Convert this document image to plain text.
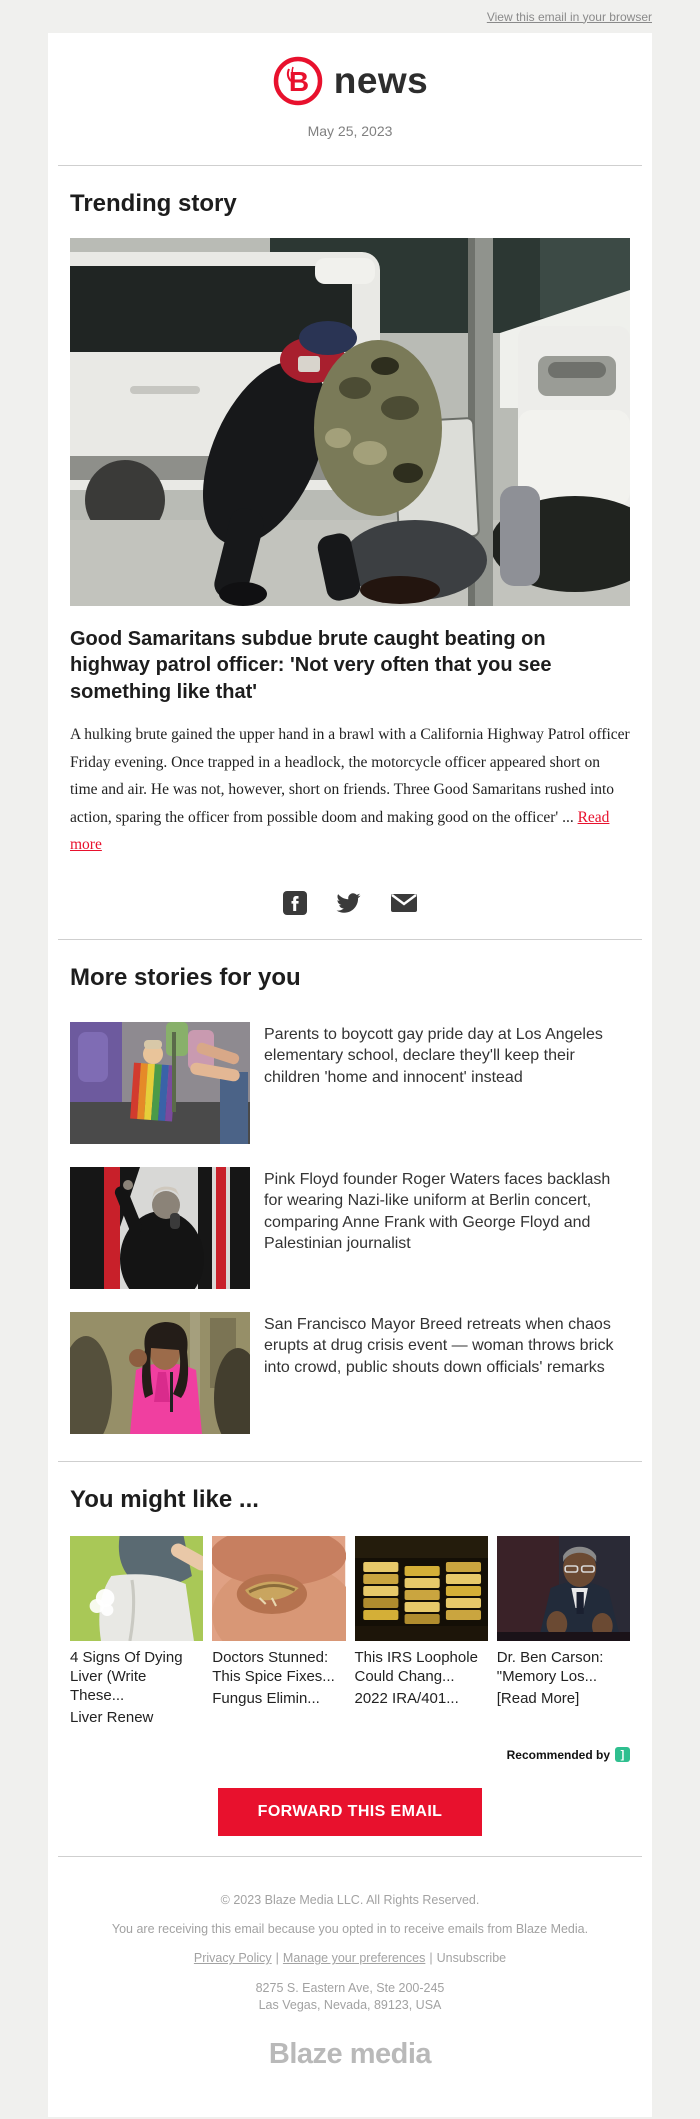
View this email in your browser
B news
May 25, 2023
Trending story
Good Samaritans subdue brute caught beating on highway patrol officer: 'Not very often that you see something like that'

A hulking brute gained the upper hand in a brawl with a California Highway Patrol officer Friday evening. Once trapped in a headlock, the motorcycle officer appeared short on time and air. He was not, however, short on friends. Three Good Samaritans rushed into action, sparing the officer from possible doom and making good on the officer' ... Read more

More stories for you
Parents to boycott gay pride day at Los Angeles elementary school, declare they'll keep their children 'home and innocent' instead
Pink Floyd founder Roger Waters faces backlash for wearing Nazi-like uniform at Berlin concert, comparing Anne Frank with George Floyd and Palestinian journalist
San Francisco Mayor Breed retreats when chaos erupts at drug crisis event — woman throws brick into crowd, public shouts down officials' remarks
You might like ...
4 Signs Of Dying Liver (Write These...
Liver Renew
Doctors Stunned: This Spice Fixes...
Fungus Elimin...
This IRS Loophole Could Chang...
2022 IRA/401...
Dr. Ben Carson: "Memory Los...
[Read More]
Recommended by ]
FORWARD THIS EMAIL
© 2023 Blaze Media LLC. All Rights Reserved.
You are receiving this email because you opted in to receive emails from Blaze Media.
Privacy Policy | Manage your preferences | Unsubscribe
8275 S. Eastern Ave, Ste 200-245
Las Vegas, Nevada, 89123, USA
Blaze media
